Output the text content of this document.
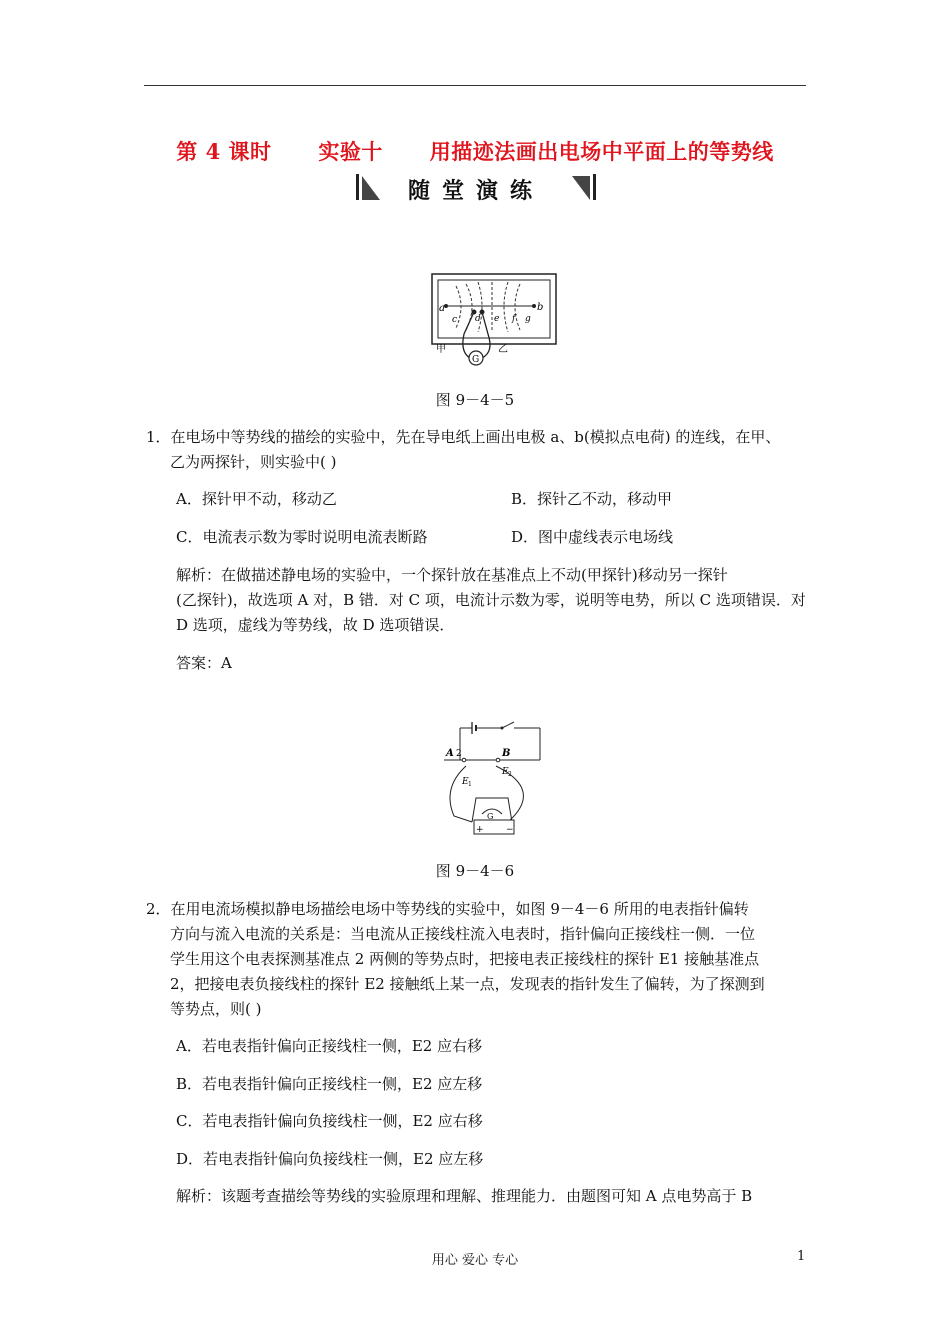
第 4 课时      实验十      用描迹法画出电场中平面上的等势线
随堂演练
a	b
c d e f g
G
甲	乙
图 9－4－5
1．在电场中等势线的描绘的实验中，先在导电纸上画出电极 a、b(模拟点电荷) 的连线，在甲、
乙为两探针，则实验中( )
A．探针甲不动，移动乙	B．探针乙不动，移动甲
C．电流表示数为零时说明电流表断路	D．图中虚线表示电场线
解析：在做描述静电场的实验中，一个探针放在基准点上不动(甲探针)移动另一探针
(乙探针)，故选项 A 对，B 错．对 C 项，电流计示数为零，说明等电势，所以 C 选项错误．对
D 选项，虚线为等势线，故 D 选项错误．
答案：A
A 2	B
E 1
E 2
G
+ −
图 9－4－6
2．在用电流场模拟静电场描绘电场中等势线的实验中，如图 9－4－6 所用的电表指针偏转
方向与流入电流的关系是：当电流从正接线柱流入电表时，指针偏向正接线柱一侧．一位
学生用这个电表探测基准点 2 两侧的等势点时，把接电表正接线柱的探针 E1 接触基准点
2，把接电表负接线柱的探针 E2 接触纸上某一点，发现表的指针发生了偏转，为了探测到
等势点，则( )
A．若电表指针偏向正接线柱一侧，E2 应右移
B．若电表指针偏向正接线柱一侧，E2 应左移
C．若电表指针偏向负接线柱一侧，E2 应右移
D．若电表指针偏向负接线柱一侧，E2 应左移
解析：该题考查描绘等势线的实验原理和理解、推理能力．由题图可知 A 点电势高于 B
用心 爱心 专心	1
